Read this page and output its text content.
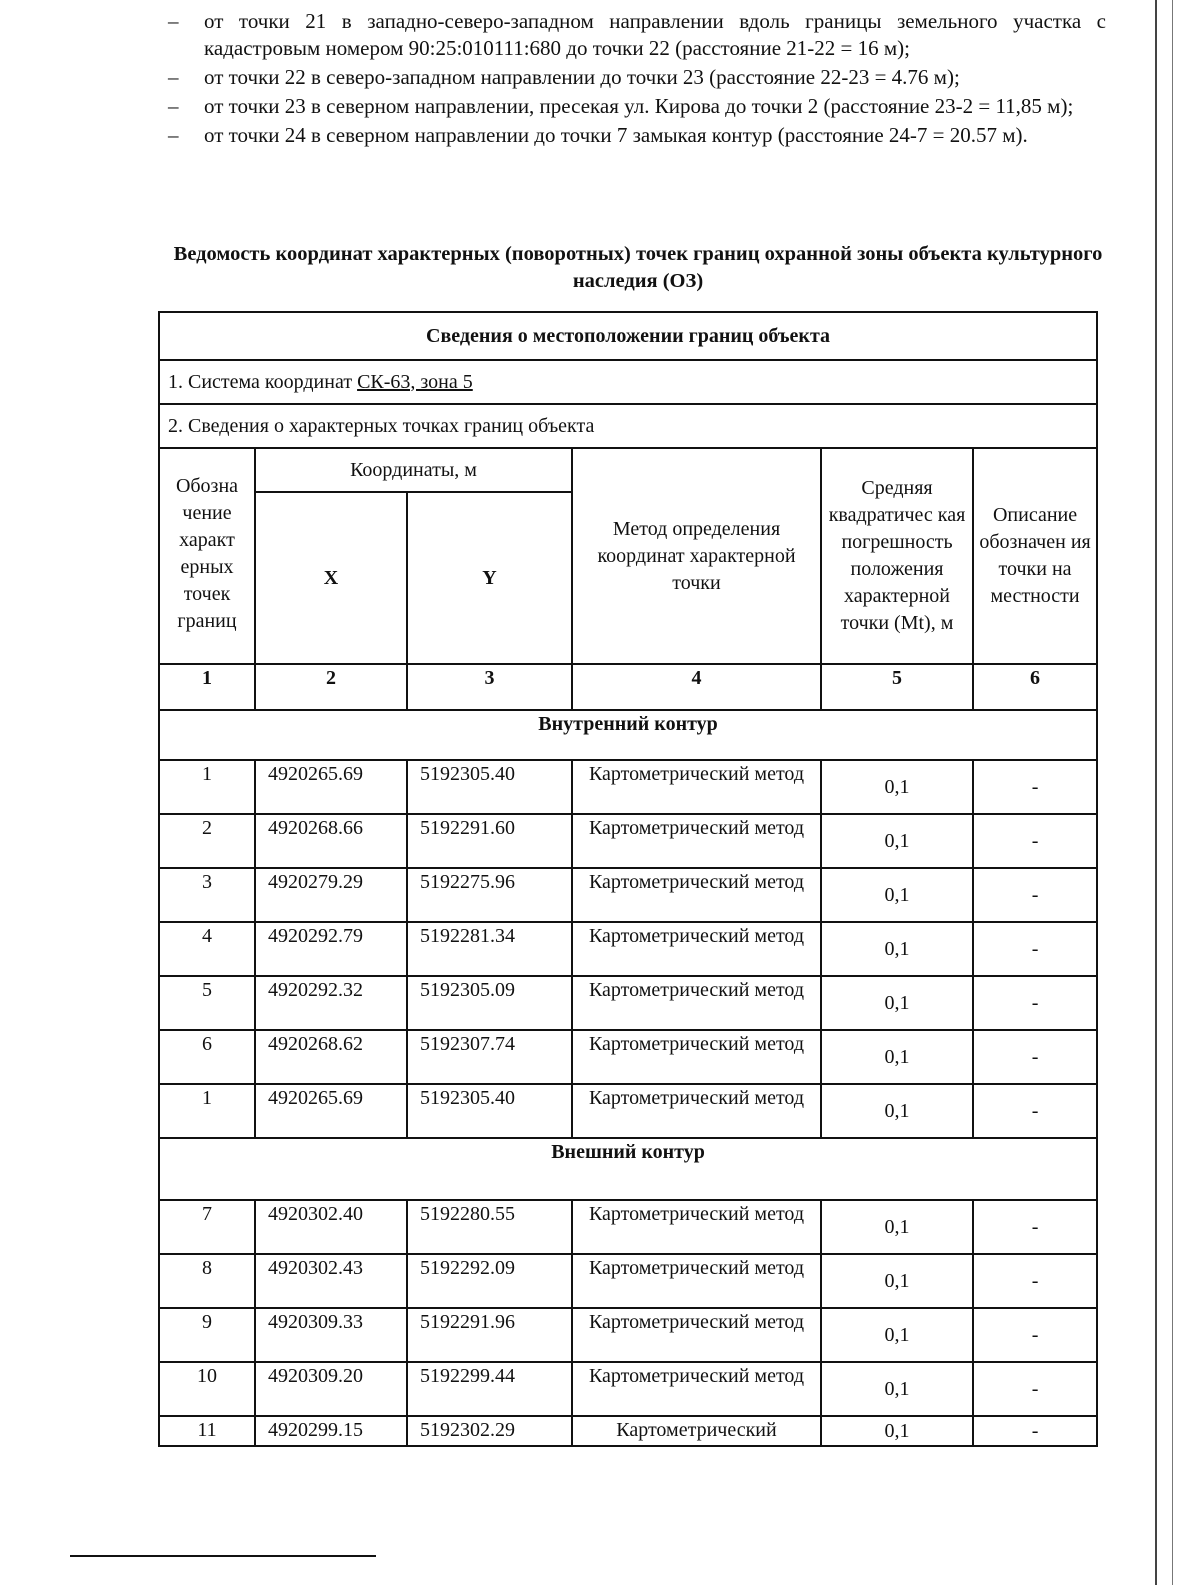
–	от точки 21 в западно-северо-западном направлении вдоль границы земельного участка с кадастровым номером 90:25:010111:680 до точки 22 (расстояние 21-22 = 16 м);
–	от точки 22 в северо-западном направлении до точки 23 (расстояние 22-23 = 4.76 м);
–	от точки 23 в северном направлении, пресекая ул. Кирова до точки 2 (расстояние 23-2 = 11,85 м);
–	от точки 24 в северном направлении до точки 7 замыкая контур (расстояние 24-7 = 20.57 м).
Ведомость координат характерных (поворотных) точек границ охранной зоны объекта культурного наследия (ОЗ)
Сведения о местоположении границ объекта					
1. Система координат СК-63, зона 5					
2. Сведения о характерных точках границ объекта					
Обозна чение характ ерных точек границ	Координаты, м		Метод определения координат характерной точки	Средняя квадратичес кая погрешность положения характерной точки (Mt), м	Описание обозначен ия точки на местности
	X	Y			
1	2	3	4	5	6
Внутренний контур					
1	4920265.69	5192305.40	Картометрический метод	0,1	-
2	4920268.66	5192291.60	Картометрический метод	0,1	-
3	4920279.29	5192275.96	Картометрический метод	0,1	-
4	4920292.79	5192281.34	Картометрический метод	0,1	-
5	4920292.32	5192305.09	Картометрический метод	0,1	-
6	4920268.62	5192307.74	Картометрический метод	0,1	-
1	4920265.69	5192305.40	Картометрический метод	0,1	-
Внешний контур					
7	4920302.40	5192280.55	Картометрический метод	0,1	-
8	4920302.43	5192292.09	Картометрический метод	0,1	-
9	4920309.33	5192291.96	Картометрический метод	0,1	-
10	4920309.20	5192299.44	Картометрический метод	0,1	-
11	4920299.15	5192302.29	Картометрический	0,1	-
